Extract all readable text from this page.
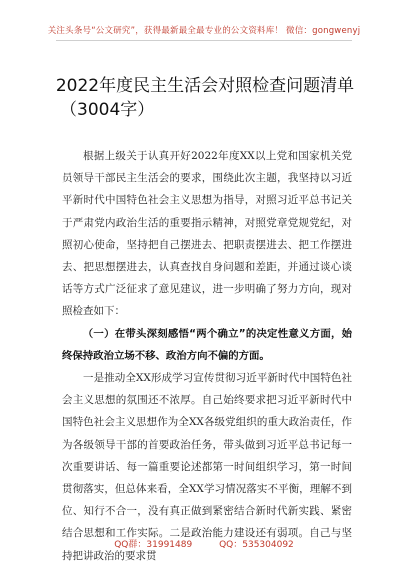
关注头条号“公文研究”，获得最新最全最专业的公文资料库！ 微信：gongwenyj
2022年度民主生活会对照检查问题清单
（3004字）

根据上级关于认真开好2022年度XX以上党和国家机关党员领导干部民主生活会的要求，围绕此次主题，我坚持以习近平新时代中国特色社会主义思想为指导，对照习近平总书记关于严肃党内政治生活的重要指示精神，对照党章党规党纪，对照初心使命，坚持把自己摆进去、把职责摆进去、把工作摆进去、把思想摆进去，认真查找自身问题和差距，并通过谈心谈话等方式广泛征求了意见建议，进一步明确了努力方向，现对照检查如下：

（一）在带头深刻感悟“两个确立”的决定性意义方面，始终保持政治立场不移、政治方向不偏的方面。

一是推动全XX形成学习宣传贯彻习近平新时代中国特色社会主义思想的氛围还不浓厚。自己始终要求把习近平新时代中国特色社会主义思想作为全XX各级党组织的重大政治责任，作为各级领导干部的首要政治任务，带头做到习近平总书记每一次重要讲话、每一篇重要论述都第一时间组织学习，第一时间贯彻落实，但总体来看，全XX学习情况落实不平衡，理解不到位、知行不合一，没有真正做到紧密结合新时代新实践、紧密结合思想和工作实际。二是政治能力建设还有弱项。自己与坚持把讲政治的要求贯

QQ群：31991489	QQ：535304092
